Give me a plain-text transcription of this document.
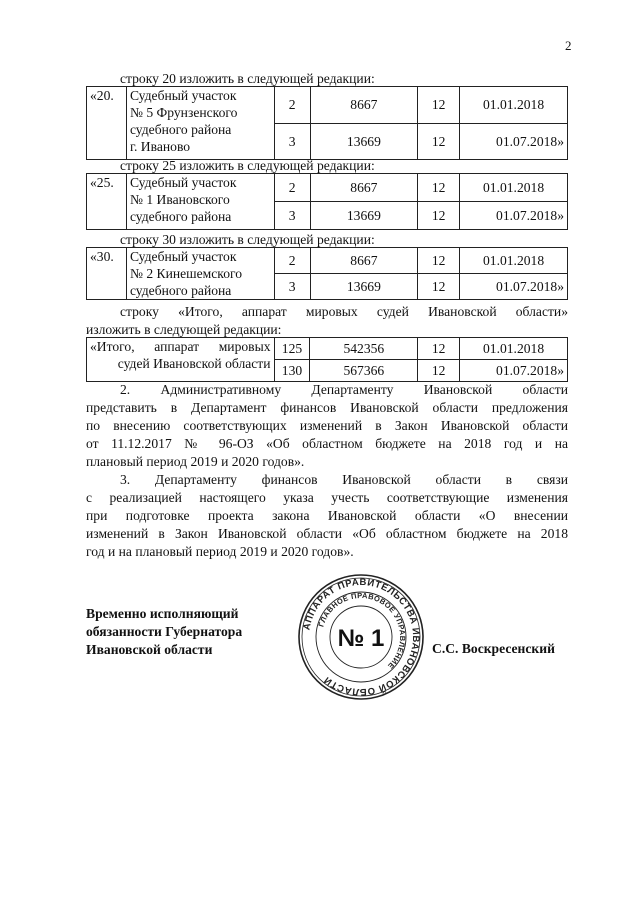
2
строку 20 изложить в следующей редакции:
«20.	Судебный участок
№ 5 Фрунзенского
судебного района
г. Иваново	2	8667	12	01.01.2018
		3	13669	12	01.07.2018»
строку 25 изложить в следующей редакции:
«25.	Судебный участок
№ 1 Ивановского
судебного района	2	8667	12	01.01.2018
		3	13669	12	01.07.2018»
строку 30 изложить в следующей редакции:
«30.	Судебный участок
№ 2 Кинешемского
судебного района	2	8667	12	01.01.2018
		3	13669	12	01.07.2018»
строку «Итого, аппарат мировых судей Ивановской области»
изложить в следующей редакции:
«Итого, аппарат мировых
судей Ивановской области	125	542356	12	01.01.2018
	130	567366	12	01.07.2018»
2. Административному Департаменту Ивановской области
представить в Департамент финансов Ивановской области предложения
по внесению соответствующих изменений в Закон Ивановской области
от 11.12.2017 № 96-ОЗ «Об областном бюджете на 2018 год и на
плановый период 2019 и 2020 годов».
3. Департаменту финансов Ивановской области в связи
с реализацией настоящего указа учесть соответствующие изменения
при подготовке проекта закона Ивановской области «О внесении
изменений в Закон Ивановской области «Об областном бюджете на 2018
год и на плановый период 2019 и 2020 годов».
Временно исполняющий
обязанности Губернатора
Ивановской области
АППАРАТ ПРАВИТЕЛЬСТВА ИВАНОВСКОЙ ОБЛАСТИ
ГЛАВНОЕ ПРАВОВОЕ УПРАВЛЕНИЕ
№ 1	С.С. Воскресенский
